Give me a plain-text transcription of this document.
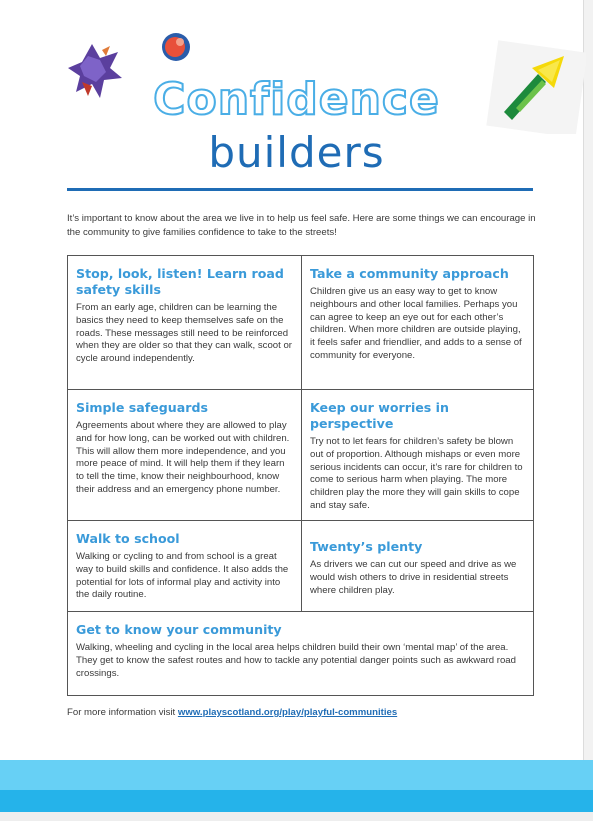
Confidence
builders
It’s important to know about the area we live in to help us feel safe. Here are some things we can encourage in the community to give families confidence to take to the streets!
Stop, look, listen! Learn road safety skills

From an early age, children can be learning the basics they need to keep themselves safe on the roads. These messages still need to be reinforced when they are older so that they can walk, scoot or cycle around independently.

Take a community approach

Children give us an easy way to get to know neighbours and other local families. Perhaps you can agree to keep an eye out for each other’s children. When more children are outside playing, it feels safer and friendlier, and adds to a sense of community for everyone.

Simple safeguards

Agreements about where they are allowed to play and for how long, can be worked out with children. This will allow them more independence, and you more peace of mind. It will help them if they learn to tell the time, know their neighbourhood, know their address and an emergency phone number.

Keep our worries in perspective

Try not to let fears for children’s safety be blown out of proportion. Although mishaps or even more serious incidents can occur, it’s rare for children to come to serious harm when playing. The more children play the more they will gain skills to cope and stay safe.

Walk to school

Walking or cycling to and from school is a great way to build skills and confidence. It also adds the potential for lots of informal play and activity into the daily routine.

Twenty’s plenty

As drivers we can cut our speed and drive as we would wish others to drive in residential streets where children play.

Get to know your community

Walking, wheeling and cycling in the local area helps children build their own ‘mental map’ of the area. They get to know the safest routes and how to tackle any potential danger points such as awkward road crossings.

For more information visit www.playscotland.org/play/playful-communities
